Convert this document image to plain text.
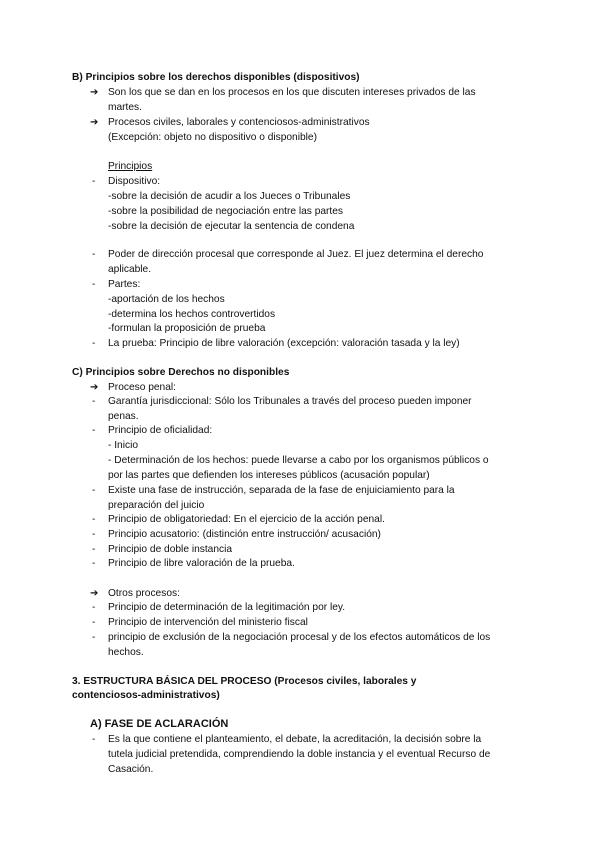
B) Principios sobre los derechos disponibles (dispositivos)
➔ Son los que se dan en los procesos en los que discuten intereses privados de las
martes.
➔ Procesos civiles, laborales y contenciosos-administrativos
(Excepción: objeto no dispositivo o disponible)
Principios
- Dispositivo:
-sobre la decisión de acudir a los Jueces o Tribunales
-sobre la posibilidad de negociación entre las partes
-sobre la decisión de ejecutar la sentencia de condena
- Poder de dirección procesal que corresponde al Juez. El juez determina el derecho
aplicable.
- Partes:
-aportación de los hechos
-determina los hechos controvertidos
-formulan la proposición de prueba
- La prueba: Principio de libre valoración (excepción: valoración tasada y la ley)
C) Principios sobre Derechos no disponibles
➔ Proceso penal:
- Garantía jurisdiccional: Sólo los Tribunales a través del proceso pueden imponer
penas.
- Principio de oficialidad:
- Inicio
- Determinación de los hechos: puede llevarse a cabo por los organismos públicos o
por las partes que defienden los intereses públicos (acusación popular)
- Existe una fase de instrucción, separada de la fase de enjuiciamiento para la
preparación del juicio
- Principio de obligatoriedad: En el ejercicio de la acción penal.
- Principio acusatorio: (distinción entre instrucción/ acusación)
- Principio de doble instancia
- Principio de libre valoración de la prueba.
➔ Otros procesos:
- Principio de determinación de la legitimación por ley.
- Principio de intervención del ministerio fiscal
- principio de exclusión de la negociación procesal y de los efectos automáticos de los
hechos.
3. ESTRUCTURA BÁSICA DEL PROCESO (Procesos civiles, laborales y
contenciosos-administrativos)
A) FASE DE ACLARACIÓN
- Es la que contiene el planteamiento, el debate, la acreditación, la decisión sobre la
tutela judicial pretendida, comprendiendo la doble instancia y el eventual Recurso de
Casación.
